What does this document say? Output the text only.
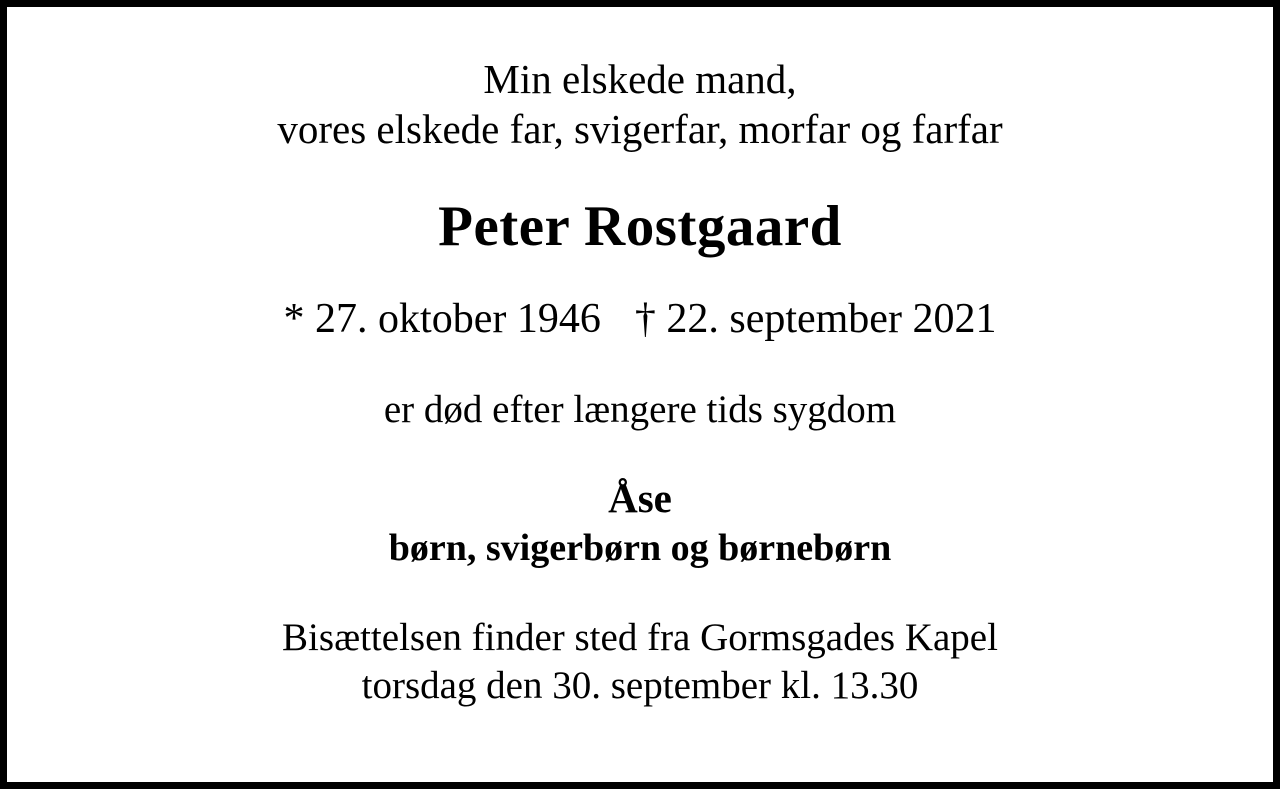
Min elskede mand,
vores elskede far, svigerfar, morfar og farfar
Peter Rostgaard
* 27. oktober 1946 † 22. september 2021
er død efter længere tids sygdom
Åse
børn, svigerbørn og børnebørn
Bisættelsen finder sted fra Gormsgades Kapel
torsdag den 30. september kl. 13.30
